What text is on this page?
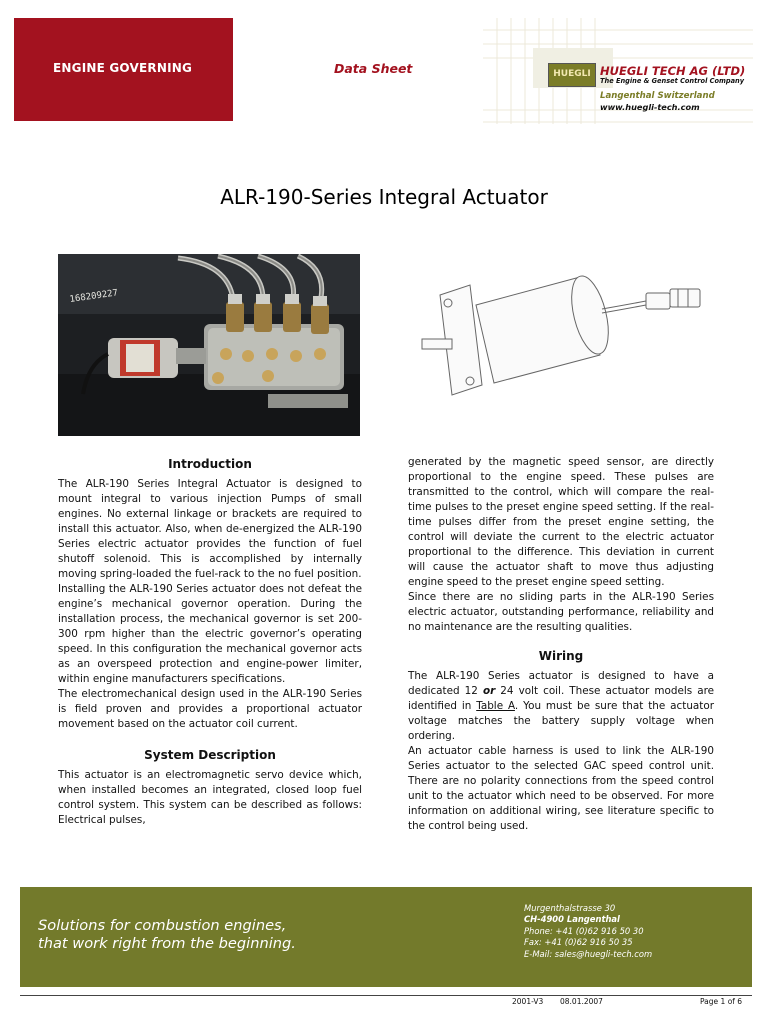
ENGINE GOVERNING	Data Sheet	HUEGLI HUEGLI TECH AG (LTD)
The Engine & Genset Control Company
Langenthal Switzerland
www.huegli-tech.com
ALR-190-Series Integral Actuator
168209227
Introduction

The ALR-190 Series Integral Actuator is designed to mount integral to various injection Pumps of small engines. No external linkage or brackets are required to install this actuator. Also, when de-energized the ALR-190 Series electric actuator provides the function of fuel shutoff solenoid. This is accomplished by internally moving spring-loaded the fuel-rack to the no fuel position.

Installing the ALR-190 Series actuator does not defeat the engine’s mechanical governor operation. During the installation process, the mechanical governor is set 200-300 rpm higher than the electric governor’s operating speed. In this configuration the mechanical governor acts as an overspeed protection and engine-power limiter, within engine manufacturers specifications.

The electromechanical design used in the ALR-190 Series is field proven and provides a proportional actuator movement based on the actuator coil current.

System Description

This actuator is an electromagnetic servo device which, when installed becomes an integrated, closed loop fuel control system. This system can be described as follows: Electrical pulses,

generated by the magnetic speed sensor, are directly proportional to the engine speed. These pulses are transmitted to the control, which will compare the real-time pulses to the preset engine speed setting. If the real-time pulses differ from the preset engine setting, the control will deviate the current to the electric actuator proportional to the difference. This deviation in current will cause the actuator shaft to move thus adjusting engine speed to the preset engine speed setting.

Since there are no sliding parts in the ALR-190 Series electric actuator, outstanding performance, reliability and no maintenance are the resulting qualities.

Wiring

The ALR-190 Series actuator is designed to have a dedicated 12 or 24 volt coil. These actuator models are identified in Table A. You must be sure that the actuator voltage matches the battery supply voltage when ordering.

An actuator cable harness is used to link the ALR-190 Series actuator to the selected GAC speed control unit. There are no polarity connections from the speed control unit to the actuator which need to be observed. For more information on additional wiring, see literature specific to the control being used.

Solutions for combustion engines,
that work right from the beginning.
Murgenthalstrasse 30
CH-4900 Langenthal
Phone: +41 (0)62 916 50 30
Fax: +41 (0)62 916 50 35
E-Mail: sales@huegli-tech.com
2001-V3 08.01.2007	Page 1 of 6
